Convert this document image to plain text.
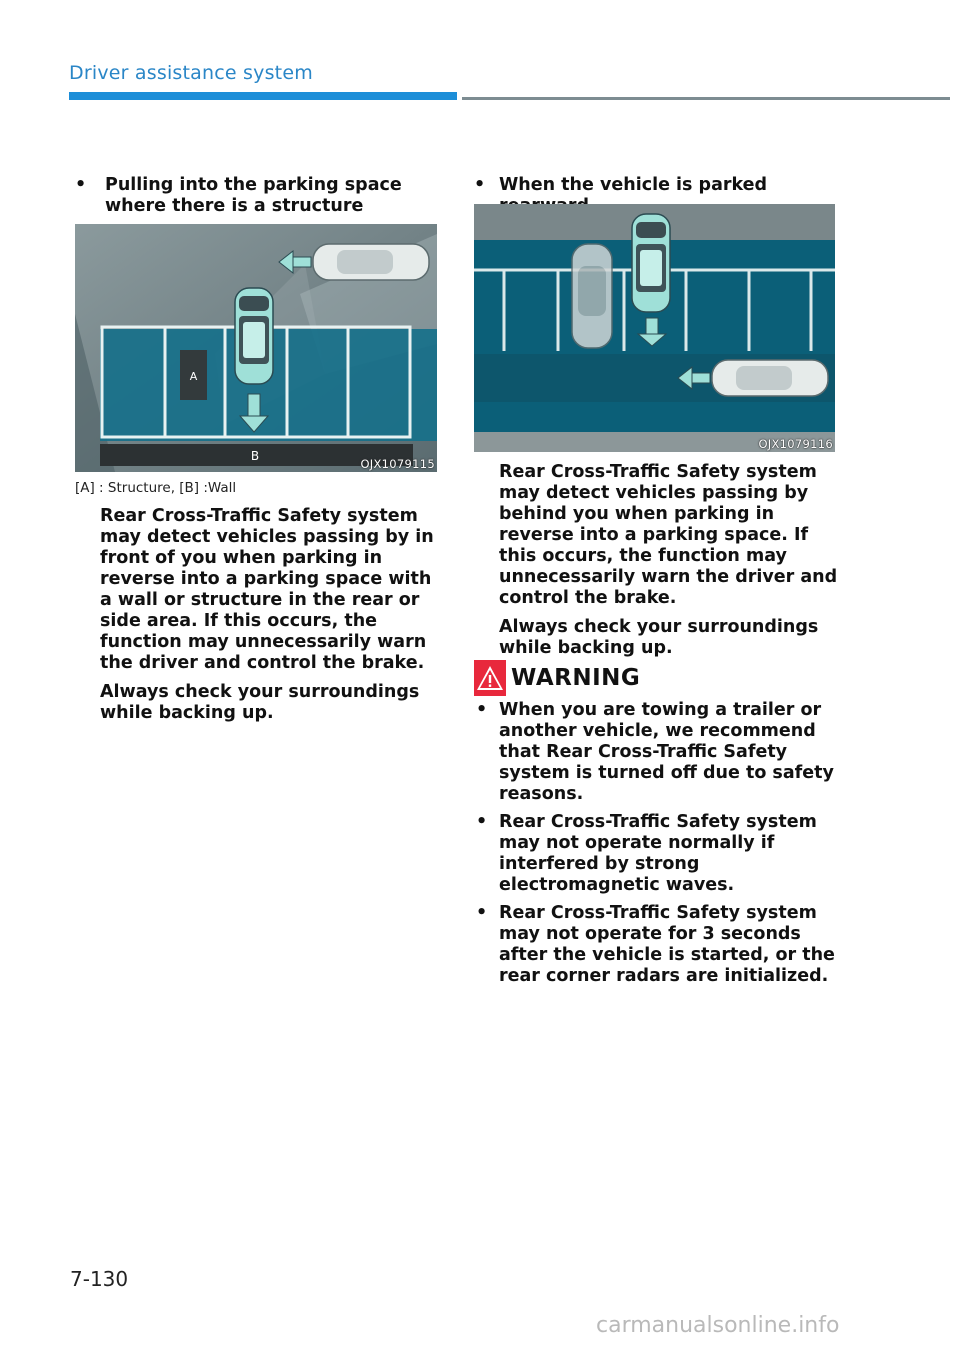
Driver assistance system
•	Pulling into the parking space where there is a structure
A
B
OJX1079115
[A] : Structure, [B] :Wall

Rear Cross-Traffic Safety system may detect vehicles passing by in front of you when parking in reverse into a parking space with a wall or structure in the rear or side area. If this occurs, the function may unnecessarily warn the driver and control the brake.

Always check your surroundings while backing up.

• When the vehicle is parked
OJX1079116

Rear Cross-Traffic Safety system may detect vehicles passing by behind you when parking in reverse into a parking space. If this occurs, the function may unnecessarily warn the driver and control the brake.

Always check your surroundings while backing up.

WARNING
• When you are towing a trailer or another vehicle, we recommend that Rear Cross-Traffic Safety system is turned off due to safety reasons.
• Rear Cross-Traffic Safety system may not operate normally if interfered by strong electromagnetic waves.
• Rear Cross-Traffic Safety system may not operate for 3 seconds after the vehicle is started, or the rear corner radars are initialized.
7-130
carmanualsonline.info
